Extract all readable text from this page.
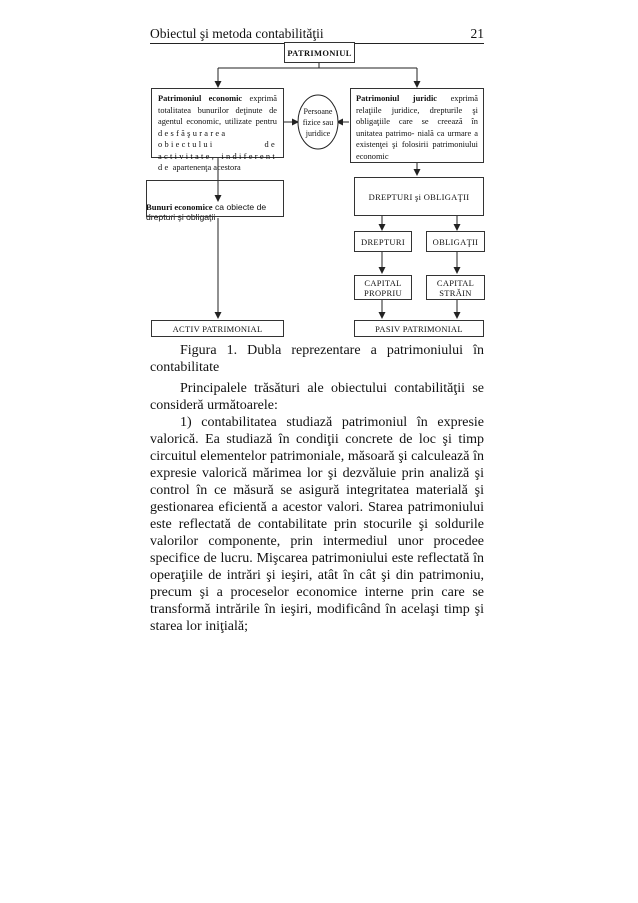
Obiectul şi metoda contabilităţii	21
PATRIMONIUL
Patrimoniul economic exprimă totalitatea bunurilor deţinute de agentul economic, utilizate pentru desfăşurarea obiectului de activitate, indiferent de apartenenţa acestora
Persoane fizice sau juridice
Patrimoniul juridic exprimă relaţiile juridice, drepturile şi obligaţiile care se creează în unitatea patrimo- nială ca urmare a existenţei şi folosirii patrimoniului economic
Bunuri economice ca obiecte de drepturi şi obligaţii
DREPTURI şi OBLIGAŢII
DREPTURI	OBLIGAŢII
CAPITAL PROPRIU
CAPITAL STRĂIN
ACTIV PATRIMONIAL	PASIV PATRIMONIAL
Figura 1. Dubla reprezentare a patrimoniului în
contabilitate

Principalele trăsături ale obiectului contabilităţii se consideră următoarele:

1) contabilitatea studiază patrimoniul în expresie valorică. Ea studiază în condiţii concrete de loc şi timp circuitul elementelor patrimoniale, măsoară şi calculează în expresie valorică mărimea lor şi dezvăluie prin analiză şi control în ce măsură se asigură integritatea materială şi gestionarea eficientă a acestor valori. Starea patrimoniului este reflectată de contabilitate prin stocurile şi soldurile valorilor componente, prin intermediul unor procedee specifice de lucru. Mişcarea patrimoniului este reflectată în operaţiile de intrări şi ieşiri, atât în cât şi din patrimoniu, precum şi a proceselor economice interne prin care se transformă intrările în ieşiri, modificând în acelaşi timp şi starea lor iniţială;
